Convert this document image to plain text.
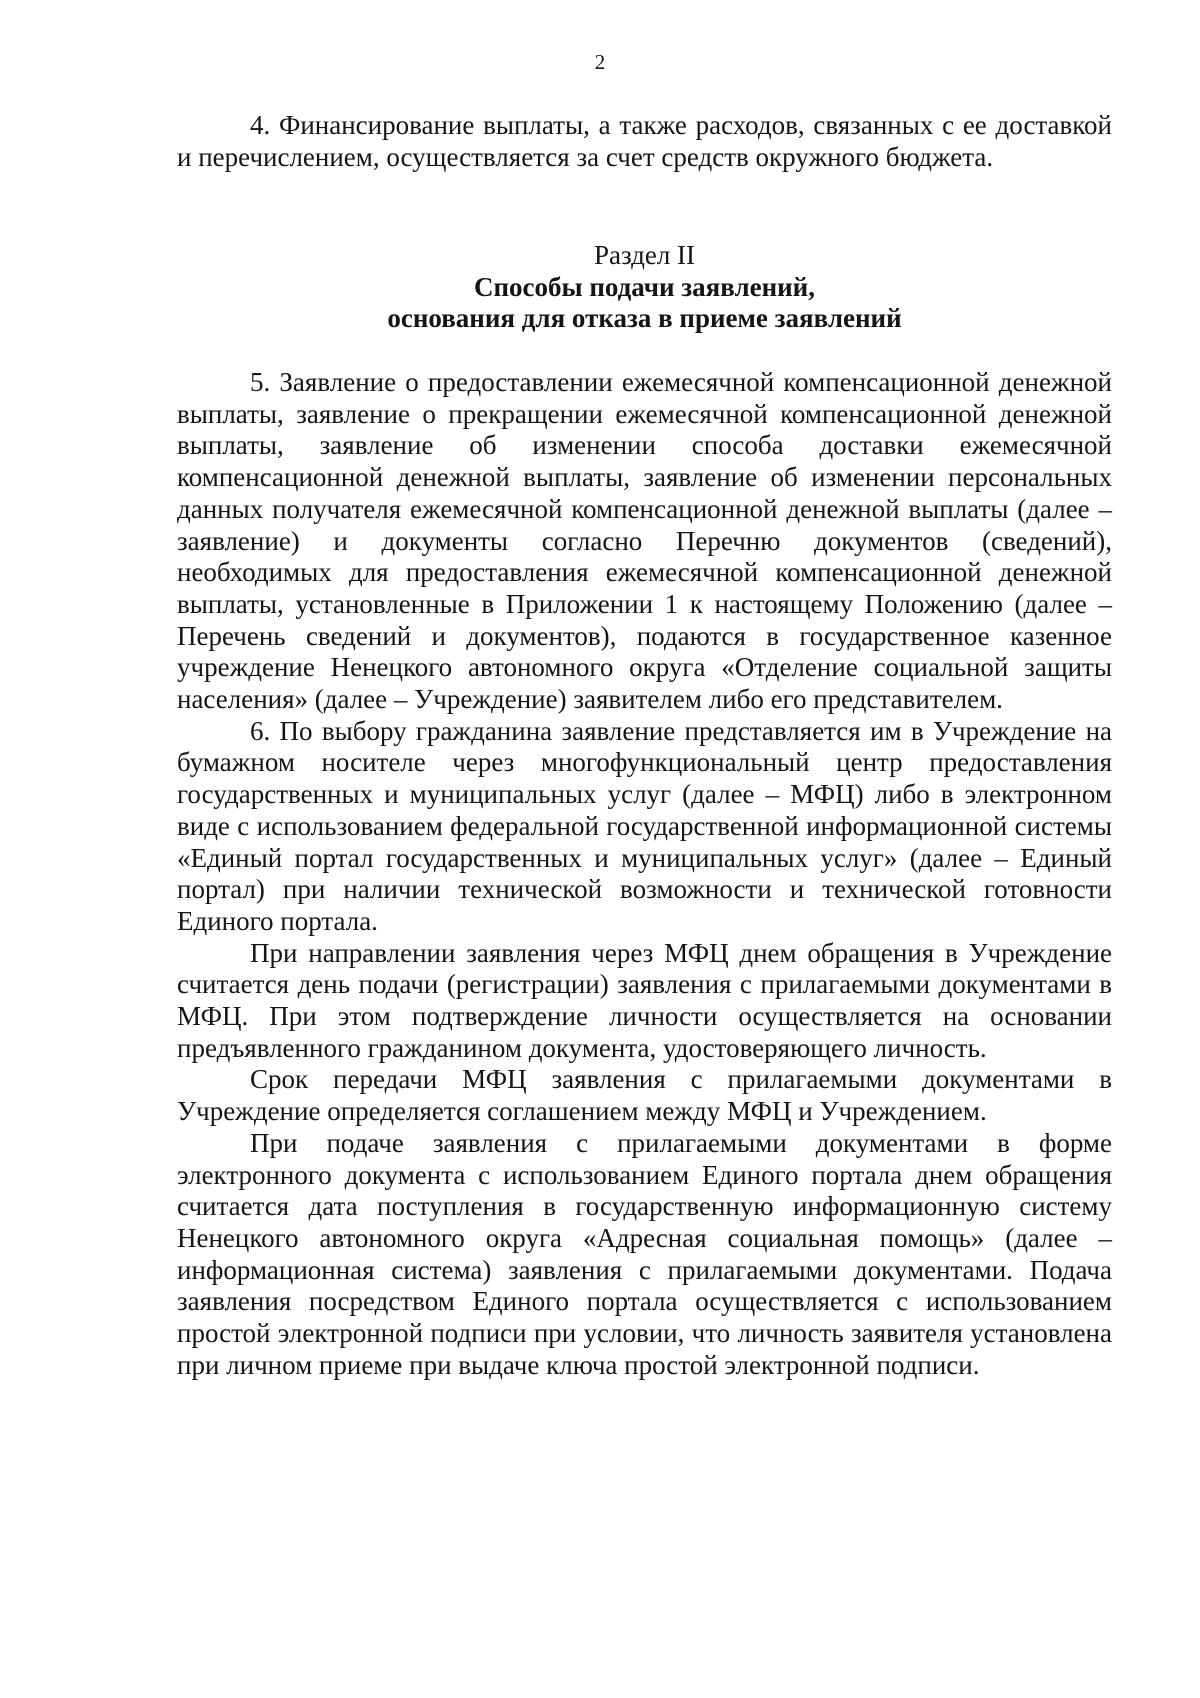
2

4. Финансирование выплаты, а также расходов, связанных с ее доставкой и перечислением, осуществляется за счет средств окружного бюджета.

Раздел II
Способы подачи заявлений,
основания для отказа в приеме заявлений

5. Заявление о предоставлении ежемесячной компенсационной денежной выплаты, заявление о прекращении ежемесячной компенсационной денежной выплаты, заявление об изменении способа доставки ежемесячной компенсационной денежной выплаты, заявление об изменении персональных данных получателя ежемесячной компенсационной денежной выплаты (далее – заявление) и документы согласно Перечню документов (сведений), необходимых для предоставления ежемесячной компенсационной денежной выплаты, установленные в Приложении 1 к настоящему Положению (далее – Перечень сведений и документов), подаются в государственное казенное учреждение Ненецкого автономного округа «Отделение социальной защиты населения» (далее – Учреждение) заявителем либо его представителем.

6. По выбору гражданина заявление представляется им в Учреждение на бумажном носителе через многофункциональный центр предоставления государственных и муниципальных услуг (далее – МФЦ) либо в электронном виде с использованием федеральной государственной информационной системы «Единый портал государственных и муниципальных услуг» (далее – Единый портал) при наличии технической возможности и технической готовности Единого портала.

При направлении заявления через МФЦ днем обращения в Учреждение считается день подачи (регистрации) заявления с прилагаемыми документами в МФЦ. При этом подтверждение личности осуществляется на основании предъявленного гражданином документа, удостоверяющего личность.

Срок передачи МФЦ заявления с прилагаемыми документами в Учреждение определяется соглашением между МФЦ и Учреждением.

При подаче заявления с прилагаемыми документами в форме электронного документа с использованием Единого портала днем обращения считается дата поступления в государственную информационную систему Ненецкого автономного округа «Адресная социальная помощь» (далее – информационная система) заявления с прилагаемыми документами. Подача заявления посредством Единого портала осуществляется с использованием простой электронной подписи при условии, что личность заявителя установлена при личном приеме при выдаче ключа простой электронной подписи.
